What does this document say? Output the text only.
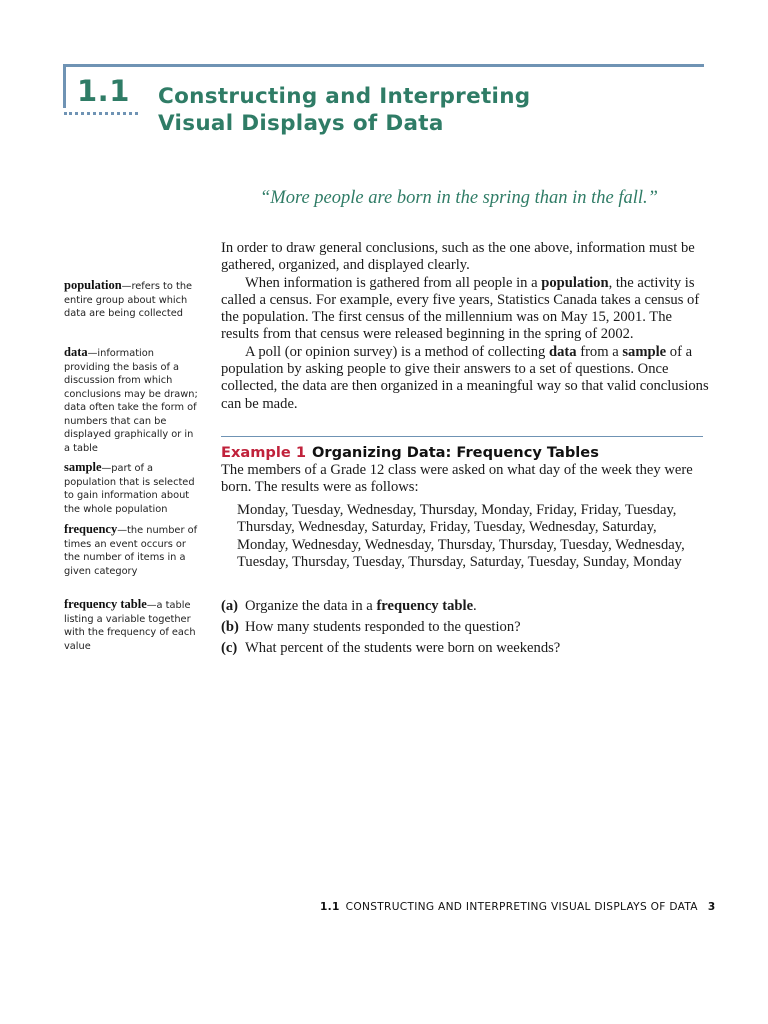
1.1 Constructing and Interpreting
Visual Displays of Data
“More people are born in the spring than in the fall.”

In order to draw general conclusions, such as the one above, information must be gathered, organized, and displayed clearly.

When information is gathered from all people in a population, the activity is called a census. For example, every five years, Statistics Canada takes a census of the population. The first census of the millennium was on May 15, 2001. The results from that census were released beginning in the spring of 2002.

A poll (or opinion survey) is a method of collecting data from a sample of a population by asking people to give their answers to a set of questions. Once collected, the data are then organized in a meaningful way so that valid conclusions can be made.

Example 1 Organizing Data: Frequency Tables
The members of a Grade 12 class were asked on what day of the week they were born. The results were as follows:
Monday, Tuesday, Wednesday, Thursday, Monday, Friday, Friday, Tuesday, Thursday, Wednesday, Saturday, Friday, Tuesday, Wednesday, Saturday, Monday, Wednesday, Wednesday, Thursday, Thursday, Tuesday, Wednesday, Tuesday, Thursday, Tuesday, Thursday, Saturday, Tuesday, Sunday, Monday
(a) Organize the data in a frequency table.
(b) How many students responded to the question?
(c) What percent of the students were born on weekends?
population—refers to the entire group about which data are being collected
data—information providing the basis of a discussion from which conclusions may be drawn; data often take the form of numbers that can be displayed graphically or in a table
sample—part of a population that is selected to gain information about the whole population
frequency—the number of times an event occurs or the number of items in a given category
frequency table—a table listing a variable together with the frequency of each value
1.1 CONSTRUCTING AND INTERPRETING VISUAL DISPLAYS OF DATA 3
